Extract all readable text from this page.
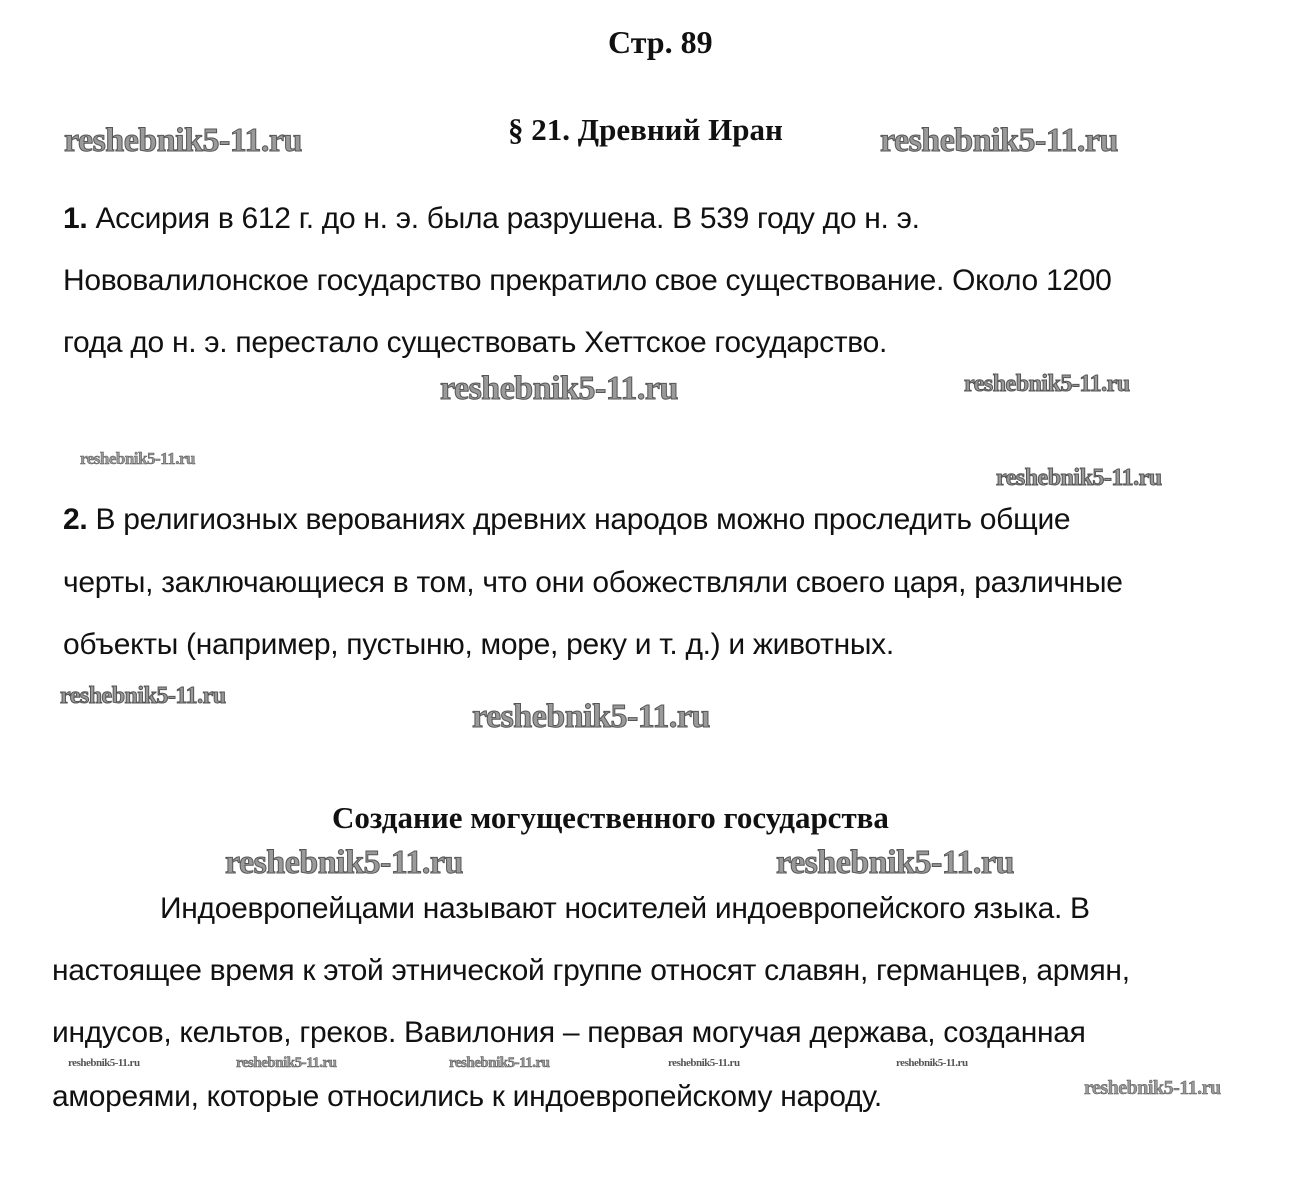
Стр. 89
§ 21. Древний Иран
1. Ассирия в 612 г. до н. э. была разрушена. В 539 году до н. э.
Нововалилонское государство прекратило свое существование. Около 1200
года до н. э. перестало существовать Хеттское государство.
2. В религиозных верованиях древних народов можно проследить общие
черты, заключающиеся в том, что они обожествляли своего царя, различные
объекты (например, пустыню, море, реку и т. д.) и животных.
Создание могущественного государства
Индоевропейцами называют носителей индоевропейского языка. В
настоящее время к этой этнической группе относят славян, германцев, армян,
индусов, кельтов, греков. Вавилония – первая могучая держава, созданная
амореями, которые относились к индоевропейскому народу.
reshebnik5-11.ru	reshebnik5-11.ru
reshebnik5-11.ru	reshebnik5-11.ru
reshebnik5-11.ru
reshebnik5-11.ru
reshebnik5-11.ru
reshebnik5-11.ru
reshebnik5-11.ru	reshebnik5-11.ru
reshebnik5-11.ru	reshebnik5-11.ru	reshebnik5-11.ru	reshebnik5-11.ru	reshebnik5-11.ru
reshebnik5-11.ru
